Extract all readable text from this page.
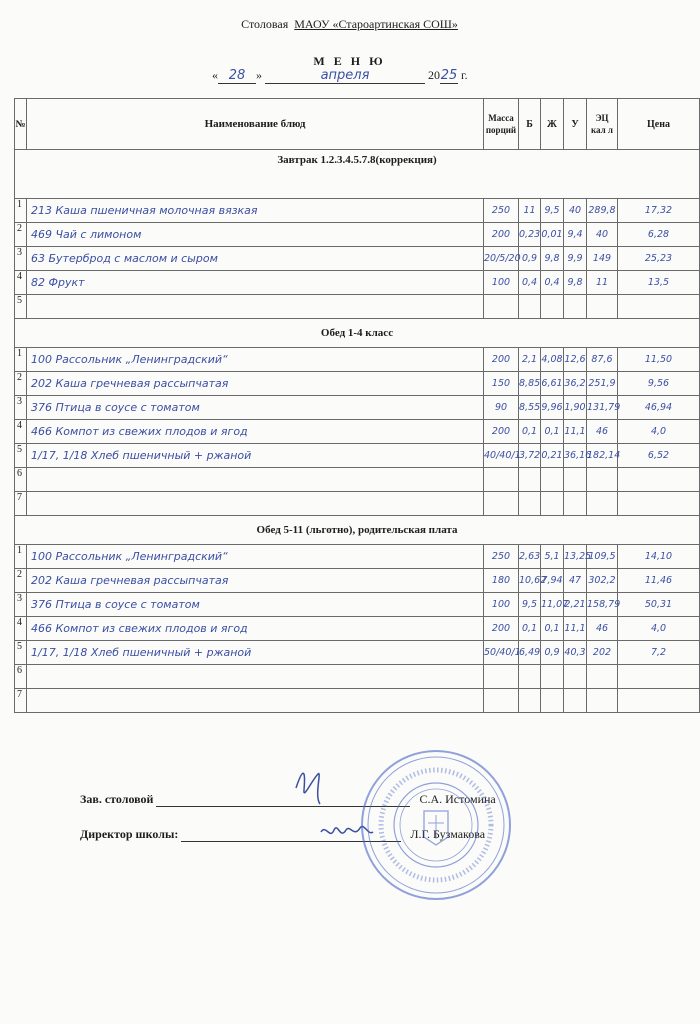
Столовая МАОУ «Староартинская СОШ»
М Е Н Ю
« 28 »	апреля	2025 г.
№	Наименование блюд	Масса порций	Б	Ж	У	ЭЦ кал л	Цена
Завтрак 1.2.3.4.5.7.8(коррекция)							
1	213 Каша пшеничная молочная вязкая	250	11	9,5	40	289,8	17,32
2	469 Чай с лимоном	200	0,23	0,01	9,4	40	6,28
3	63 Бутерброд с маслом и сыром	20/5/20	0,9	9,8	9,9	149	25,23
4	82 Фрукт	100	0,4	0,4	9,8	11	13,5
5							
Обед 1-4 класс							
1	100 Рассольник „Ленинградский“	200	2,1	4,08	12,6	87,6	11,50
2	202 Каша гречневая рассыпчатая	150	8,85	6,61	36,2	251,9	9,56
3	376 Птица в соусе с томатом	90	8,55	9,96	1,90	131,79	46,94
4	466 Компот из свежих плодов и ягод	200	0,1	0,1	11,1	46	4,0
5	1/17, 1/18 Хлеб пшеничный + ржаной	40/40/1	3,72	0,21	36,16	182,14	6,52
6							
7							
Обед 5-11 (льготно), родительская плата							
1	100 Рассольник „Ленинградский“	250	2,63	5,1	13,25	109,5	14,10
2	202 Каша гречневая рассыпчатая	180	10,62	7,94	47	302,2	11,46
3	376 Птица в соусе с томатом	100	9,5	11,07	2,21	158,79	50,31
4	466 Компот из свежих плодов и ягод	200	0,1	0,1	11,1	46	4,0
5	1/17, 1/18 Хлеб пшеничный + ржаной	50/40/1	6,49	0,9	40,3	202	7,2
6							
7							
Зав. столовой	С.А. Истомина
Директор школы:	Л.Г. Бузмакова
